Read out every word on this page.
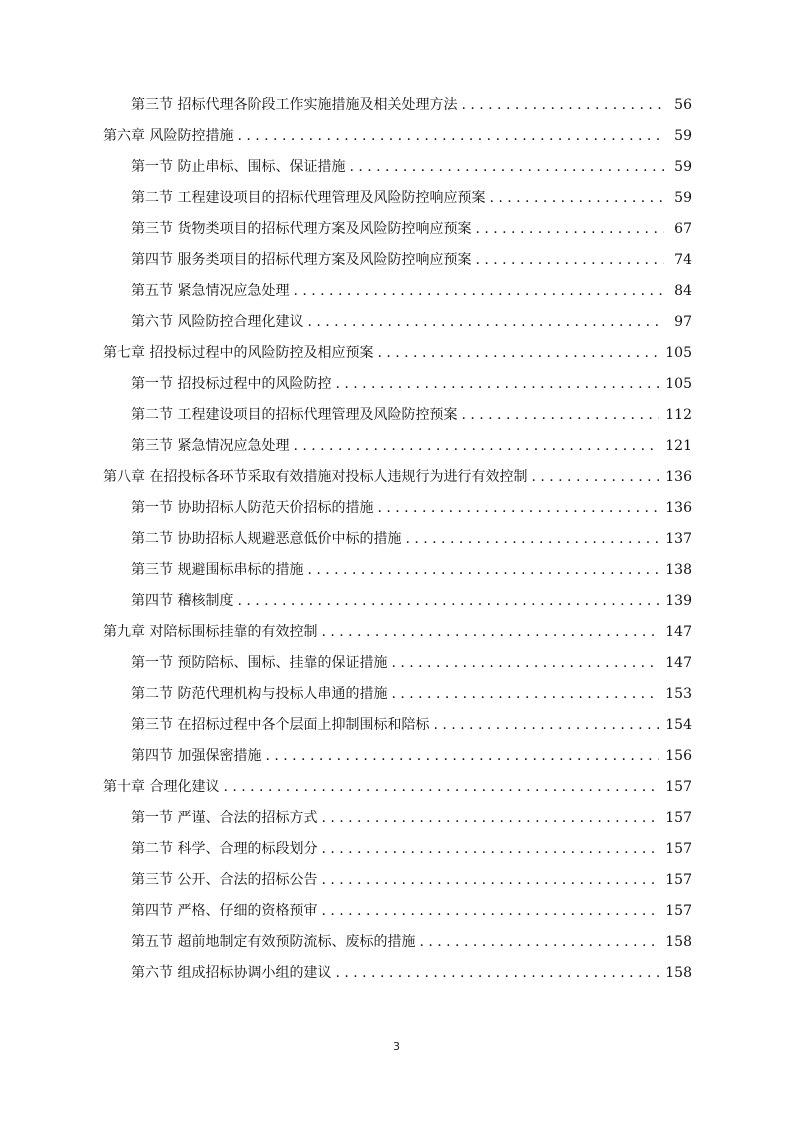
第三节 招标代理各阶段工作实施措施及相关处理方法 . . .	56
第六章 风险防控措施 . . .	59
第一节 防止串标、围标、保证措施 . . .	59
第二节 工程建设项目的招标代理管理及风险防控响应预案 . . .	59
第三节 货物类项目的招标代理方案及风险防控响应预案 . . .	67
第四节 服务类项目的招标代理方案及风险防控响应预案 . . .	74
第五节 紧急情况应急处理 . . .	84
第六节 风险防控合理化建议 . . .	97
第七章 招投标过程中的风险防控及相应预案 . . .	105
第一节 招投标过程中的风险防控 . . .	105
第二节 工程建设项目的招标代理管理及风险防控预案 . . .	112
第三节 紧急情况应急处理 . . .	121
第八章 在招投标各环节采取有效措施对投标人违规行为进行有效控制 . . .	136
第一节 协助招标人防范天价招标的措施 . . .	136
第二节 协助招标人规避恶意低价中标的措施 . . .	137
第三节 规避围标串标的措施 . . .	138
第四节 稽核制度 . . .	139
第九章 对陪标围标挂靠的有效控制 . . .	147
第一节 预防陪标、围标、挂靠的保证措施 . . .	147
第二节 防范代理机构与投标人串通的措施 . . .	153
第三节 在招标过程中各个层面上抑制围标和陪标 . . .	154
第四节 加强保密措施 . . .	156
第十章 合理化建议 . . .	157
第一节 严谨、合法的招标方式 . . .	157
第二节 科学、合理的标段划分 . . .	157
第三节 公开、合法的招标公告 . . .	157
第四节 严格、仔细的资格预审 . . .	157
第五节 超前地制定有效预防流标、废标的措施 . . .	158
第六节 组成招标协调小组的建议 . . .	158
3
